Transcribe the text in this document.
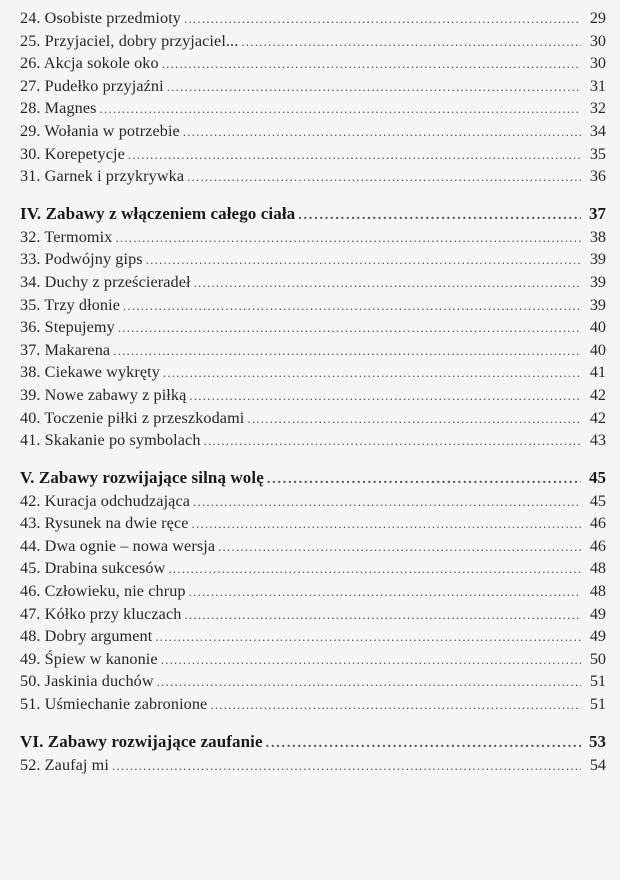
24. Osobiste przedmioty .....	29
25. Przyjaciel, dobry przyjaciel... .....	30
26. Akcja sokole oko .....	30
27. Pudełko przyjaźni .....	31
28. Magnes .....	32
29. Wołania w potrzebie .....	34
30. Korepetycje .....	35
31. Garnek i przykrywka .....	36
IV. Zabawy z włączeniem całego ciała .....	37
32. Termomix .....	38
33. Podwójny gips .....	39
34. Duchy z prześcieradeł .....	39
35. Trzy dłonie .....	39
36. Stepujemy .....	40
37. Makarena .....	40
38. Ciekawe wykręty .....	41
39. Nowe zabawy z piłką .....	42
40. Toczenie piłki z przeszkodami .....	42
41. Skakanie po symbolach .....	43
V. Zabawy rozwijające silną wolę .....	45
42. Kuracja odchudzająca .....	45
43. Rysunek na dwie ręce .....	46
44. Dwa ognie – nowa wersja .....	46
45. Drabina sukcesów .....	48
46. Człowieku, nie chrup .....	48
47. Kółko przy kluczach .....	49
48. Dobry argument .....	49
49. Śpiew w kanonie .....	50
50. Jaskinia duchów .....	51
51. Uśmiechanie zabronione .....	51
VI. Zabawy rozwijające zaufanie .....	53
52. Zaufaj mi .....	54
